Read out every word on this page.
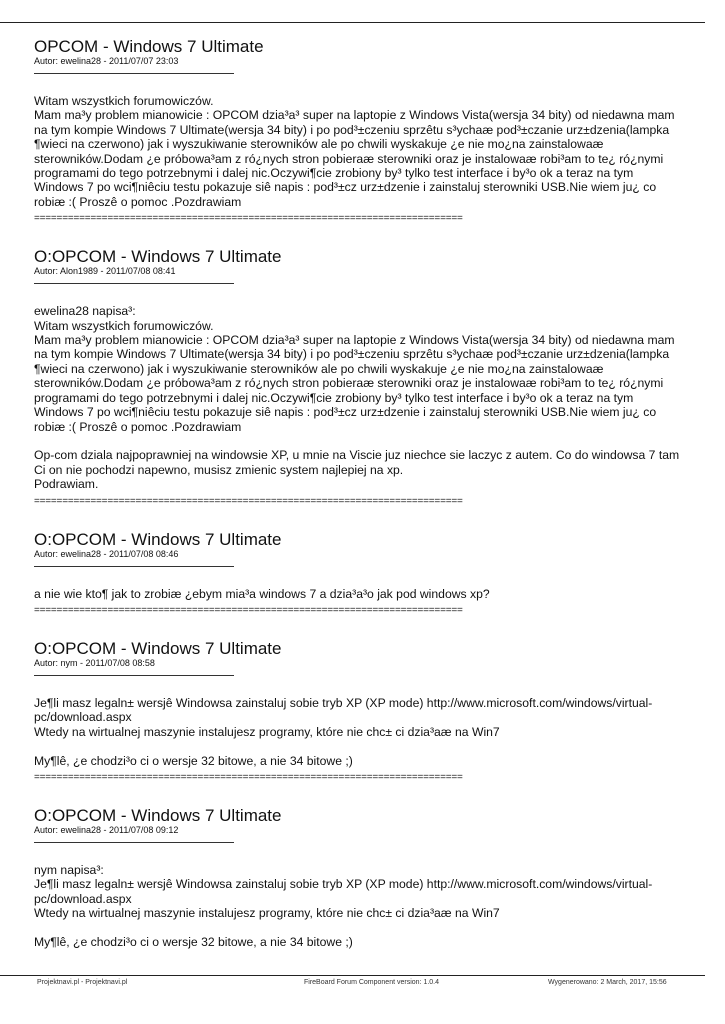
OPCOM - Windows 7 Ultimate
Autor: ewelina28 - 2011/07/07 23:03
Witam wszystkich forumowiczów.
Mam ma³y problem mianowicie : OPCOM dzia³a³ super na laptopie z Windows Vista(wersja 34 bity) od niedawna mam
na tym kompie Windows 7 Ultimate(wersja 34 bity) i po pod³±czeniu sprzêtu s³ychaæ pod³±czanie urz±dzenia(lampka
¶wieci na czerwono) jak i wyszukiwanie sterowników ale po chwili wyskakuje ¿e nie mo¿na zainstalowaæ
sterowników.Dodam ¿e próbowa³am z ró¿nych stron pobieraæ sterowniki oraz je instalowaæ robi³am to te¿ ró¿nymi
programami do tego potrzebnymi i dalej nic.Oczywi¶cie zrobiony by³ tylko test interface i by³o ok a teraz na tym
Windows 7 po wci¶niêciu testu pokazuje siê napis : pod³±cz urz±dzenie i zainstaluj sterowniki USB.Nie wiem ju¿ co
robiæ :( Proszê o pomoc .Pozdrawiam
============================================================================
O:OPCOM - Windows 7 Ultimate
Autor: Alon1989 - 2011/07/08 08:41
ewelina28 napisa³:
Witam wszystkich forumowiczów.
Mam ma³y problem mianowicie : OPCOM dzia³a³ super na laptopie z Windows Vista(wersja 34 bity) od niedawna mam
na tym kompie Windows 7 Ultimate(wersja 34 bity) i po pod³±czeniu sprzêtu s³ychaæ pod³±czanie urz±dzenia(lampka
¶wieci na czerwono) jak i wyszukiwanie sterowników ale po chwili wyskakuje ¿e nie mo¿na zainstalowaæ
sterowników.Dodam ¿e próbowa³am z ró¿nych stron pobieraæ sterowniki oraz je instalowaæ robi³am to te¿ ró¿nymi
programami do tego potrzebnymi i dalej nic.Oczywi¶cie zrobiony by³ tylko test interface i by³o ok a teraz na tym
Windows 7 po wci¶niêciu testu pokazuje siê napis : pod³±cz urz±dzenie i zainstaluj sterowniki USB.Nie wiem ju¿ co
robiæ :( Proszê o pomoc .Pozdrawiam
Op-com dziala najpoprawniej na windowsie XP, u mnie na Viscie juz niechce sie laczyc z autem. Co do windowsa 7 tam
Ci on nie pochodzi napewno, musisz zmienic system najlepiej na xp.
Podrawiam.
============================================================================
O:OPCOM - Windows 7 Ultimate
Autor: ewelina28 - 2011/07/08 08:46
a nie wie kto¶ jak to zrobiæ ¿ebym mia³a windows 7 a dzia³a³o jak pod windows xp?
============================================================================
O:OPCOM - Windows 7 Ultimate
Autor: nym - 2011/07/08 08:58
Je¶li masz legaln± wersjê Windowsa zainstaluj sobie tryb XP (XP mode) http://www.microsoft.com/windows/virtual-
pc/download.aspx
Wtedy na wirtualnej maszynie instalujesz programy, które nie chc± ci dzia³aæ na Win7
My¶lê, ¿e chodzi³o ci o wersje 32 bitowe, a nie 34 bitowe ;)
============================================================================
O:OPCOM - Windows 7 Ultimate
Autor: ewelina28 - 2011/07/08 09:12
nym napisa³:
Je¶li masz legaln± wersjê Windowsa zainstaluj sobie tryb XP (XP mode) http://www.microsoft.com/windows/virtual-
pc/download.aspx
Wtedy na wirtualnej maszynie instalujesz programy, które nie chc± ci dzia³aæ na Win7
My¶lê, ¿e chodzi³o ci o wersje 32 bitowe, a nie 34 bitowe ;)
Projektnavi.pl - Projektnavi.pl	FireBoard Forum Component version: 1.0.4	Wygenerowano: 2 March, 2017, 15:56
